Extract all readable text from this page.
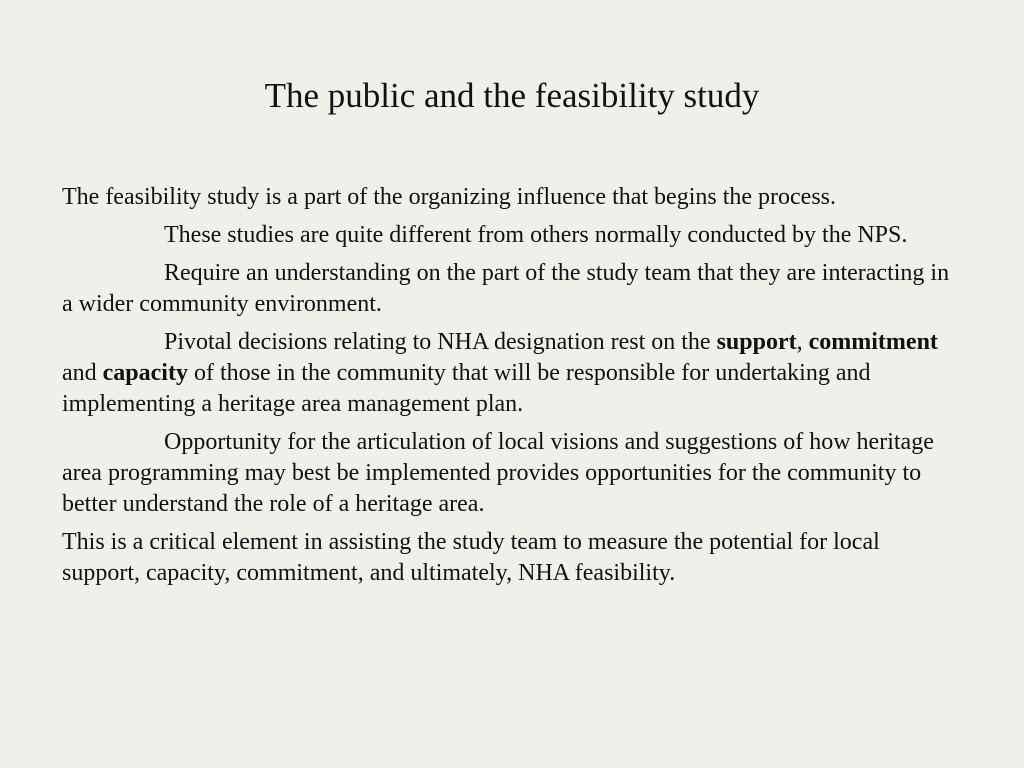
The public and the feasibility study

The feasibility study is a part of the organizing influence that begins the process.

These studies are quite different from others normally conducted by the NPS.

Require an understanding on the part of the study team that they are interacting in a wider community environment.

Pivotal decisions relating to NHA designation rest on the support, commitment and capacity of those in the community that will be responsible for undertaking and implementing a heritage area management plan.

Opportunity for the articulation of local visions and suggestions of how heritage area programming may best be implemented provides opportunities for the community to better understand the role of a heritage area.

This is a critical element in assisting the study team to measure the potential for local support, capacity, commitment, and ultimately, NHA feasibility.
